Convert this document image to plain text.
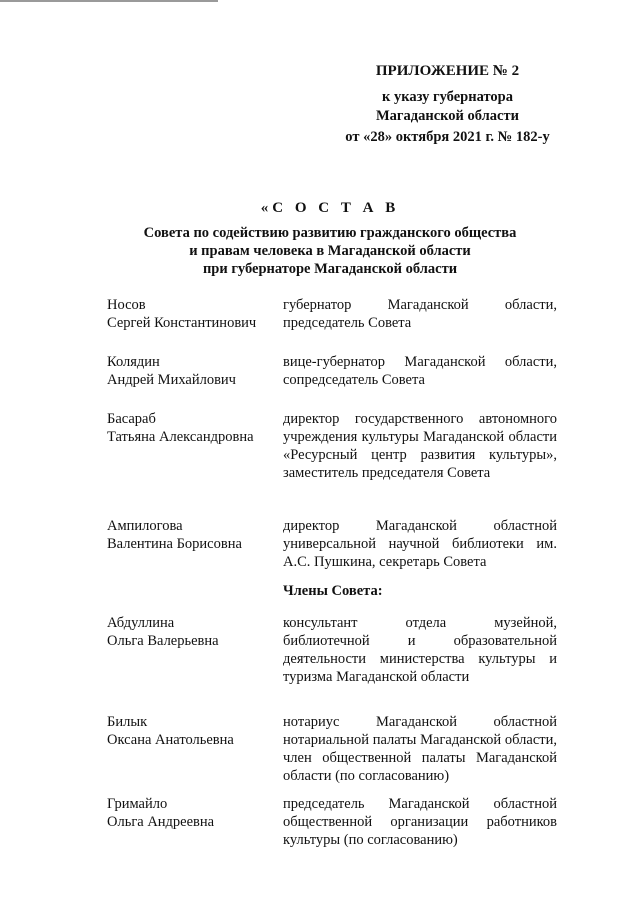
ПРИЛОЖЕНИЕ № 2
к указу губернатора
Магаданской области
от «28» октября 2021 г. № 182-у
«С О С Т А В
Совета по содействию развитию гражданского общества
и правам человека в Магаданской области
при губернаторе Магаданской области
Носов
Сергей Константинович
губернатор Магаданской области, председатель Совета
Колядин
Андрей Михайлович
вице-губернатор Магаданской области, сопредседатель Совета
Басараб
Татьяна Александровна
директор государственного автономного учреждения культуры Магаданской области «Ресурсный центр развития культуры», заместитель председателя Совета
Ампилогова
Валентина Борисовна
директор Магаданской областной универсальной научной библиотеки им. А.С. Пушкина, секретарь Совета
Члены Совета:
Абдуллина
Ольга Валерьевна
консультант отдела музейной, библиотечной и образовательной деятельности министерства культуры и туризма Магаданской области
Билык
Оксана Анатольевна
нотариус Магаданской областной нотариальной палаты Магаданской области, член общественной палаты Магаданской области (по согласованию)
Гримайло
Ольга Андреевна
председатель Магаданской областной общественной организации работников культуры (по согласованию)
